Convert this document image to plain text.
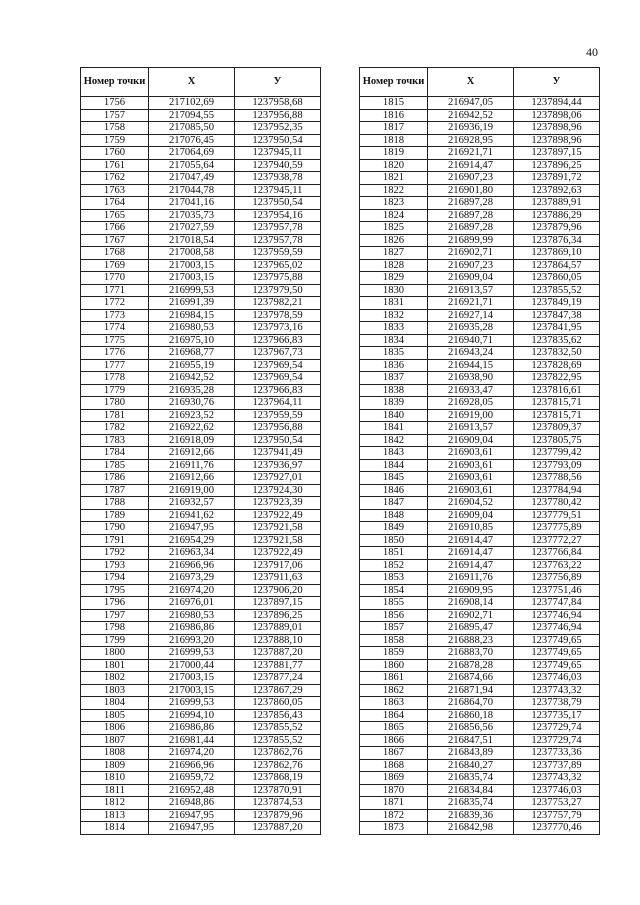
40
Номер точки	X	У
1756	217102,69	1237958,68
1757	217094,55	1237956,88
1758	217085,50	1237952,35
1759	217076,45	1237950,54
1760	217064,69	1237945,11
1761	217055,64	1237940,59
1762	217047,49	1237938,78
1763	217044,78	1237945,11
1764	217041,16	1237950,54
1765	217035,73	1237954,16
1766	217027,59	1237957,78
1767	217018,54	1237957,78
1768	217008,58	1237959,59
1769	217003,15	1237965,02
1770	217003,15	1237975,88
1771	216999,53	1237979,50
1772	216991,39	1237982,21
1773	216984,15	1237978,59
1774	216980,53	1237973,16
1775	216975,10	1237966,83
1776	216968,77	1237967,73
1777	216955,19	1237969,54
1778	216942,52	1237969,54
1779	216935,28	1237966,83
1780	216930,76	1237964,11
1781	216923,52	1237959,59
1782	216922,62	1237956,88
1783	216918,09	1237950,54
1784	216912,66	1237941,49
1785	216911,76	1237936,97
1786	216912,66	1237927,01
1787	216919,00	1237924,30
1788	216932,57	1237923,39
1789	216941,62	1237922,49
1790	216947,95	1237921,58
1791	216954,29	1237921,58
1792	216963,34	1237922,49
1793	216966,96	1237917,06
1794	216973,29	1237911,63
1795	216974,20	1237906,20
1796	216976,01	1237897,15
1797	216980,53	1237896,25
1798	216986,86	1237889,01
1799	216993,20	1237888,10
1800	216999,53	1237887,20
1801	217000,44	1237881,77
1802	217003,15	1237877,24
1803	217003,15	1237867,29
1804	216999,53	1237860,05
1805	216994,10	1237856,43
1806	216986,86	1237855,52
1807	216981,44	1237855,52
1808	216974,20	1237862,76
1809	216966,96	1237862,76
1810	216959,72	1237868,19
1811	216952,48	1237870,91
1812	216948,86	1237874,53
1813	216947,95	1237879,96
1814	216947,95	1237887,20
Номер точки	X	У
1815	216947,05	1237894,44
1816	216942,52	1237898,06
1817	216936,19	1237898,96
1818	216928,95	1237898,96
1819	216921,71	1237897,15
1820	216914,47	1237896,25
1821	216907,23	1237891,72
1822	216901,80	1237892,63
1823	216897,28	1237889,91
1824	216897,28	1237886,29
1825	216897,28	1237879,96
1826	216899,99	1237876,34
1827	216902,71	1237869,10
1828	216907,23	1237864,57
1829	216909,04	1237860,05
1830	216913,57	1237855,52
1831	216921,71	1237849,19
1832	216927,14	1237847,38
1833	216935,28	1237841,95
1834	216940,71	1237835,62
1835	216943,24	1237832,50
1836	216944,15	1237828,69
1837	216938,90	1237822,95
1838	216933,47	1237816,61
1839	216928,05	1237815,71
1840	216919,00	1237815,71
1841	216913,57	1237809,37
1842	216909,04	1237805,75
1843	216903,61	1237799,42
1844	216903,61	1237793,09
1845	216903,61	1237788,56
1846	216903,61	1237784,94
1847	216904,52	1237780,42
1848	216909,04	1237779,51
1849	216910,85	1237775,89
1850	216914,47	1237772,27
1851	216914,47	1237766,84
1852	216914,47	1237763,22
1853	216911,76	1237756,89
1854	216909,95	1237751,46
1855	216908,14	1237747,84
1856	216902,71	1237746,94
1857	216895,47	1237746,94
1858	216888,23	1237749,65
1859	216883,70	1237749,65
1860	216878,28	1237749,65
1861	216874,66	1237746,03
1862	216871,94	1237743,32
1863	216864,70	1237738,79
1864	216860,18	1237735,17
1865	216856,56	1237729,74
1866	216847,51	1237729,74
1867	216843,89	1237733,36
1868	216840,27	1237737,89
1869	216835,74	1237743,32
1870	216834,84	1237746,03
1871	216835,74	1237753,27
1872	216839,36	1237757,79
1873	216842,98	1237770,46
